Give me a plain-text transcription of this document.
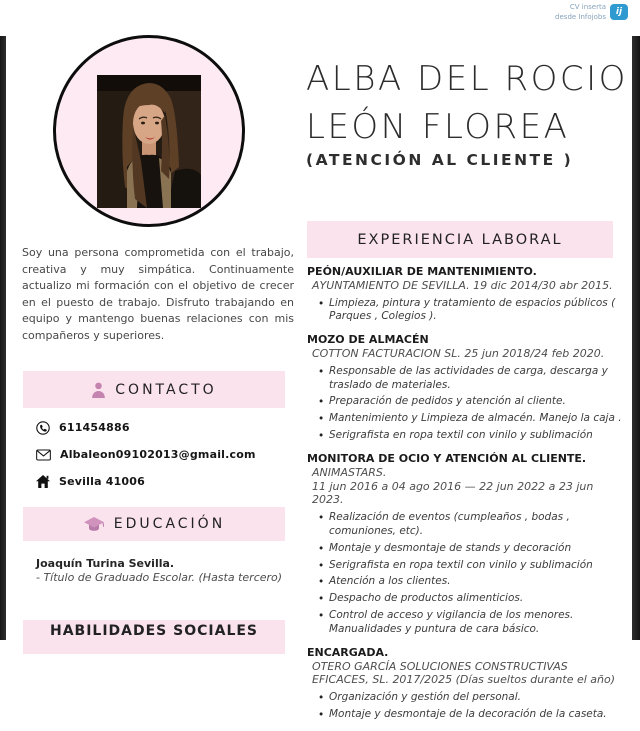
CV inserta
desde Infojobs	ij
Soy una persona comprometida con el trabajo, creativa y muy simpática. Continuamente actualizo mi formación con el objetivo de crecer en el puesto de trabajo. Disfruto trabajando en equipo y mantengo buenas relaciones con mis compañeros y superiores.
CONTACTO
611454886
Albaleon09102013@gmail.com
Sevilla 41006
EDUCACIÓN
Joaquín Turina Sevilla.
- Título de Graduado Escolar. (Hasta tercero)
HABILIDADES SOCIALES
ALBA DEL ROCIO
LEÓN FLOREA
(ATENCIÓN AL CLIENTE )
EXPERIENCIA LABORAL
PEÓN/AUXILIAR DE MANTENIMIENTO.
AYUNTAMIENTO DE SEVILLA. 19 dic 2014/30 abr 2015.
• Limpieza, pintura y tratamiento de espacios públicos ( Parques , Colegios ).
MOZO DE ALMACÉN
COTTON FACTURACION SL. 25 jun 2018/24 feb 2020.
• Responsable de las actividades de carga, descarga y traslado de materiales.
• Preparación de pedidos y atención al cliente.
• Mantenimiento y Limpieza de almacén. Manejo la caja .
• Serigrafista en ropa textil con vinilo y sublimación
MONITORA DE OCIO Y ATENCIÓN AL CLIENTE.
ANIMASTARS.
11 jun 2016 a 04 ago 2016 — 22 jun 2022 a 23 jun 2023.
• Realización de eventos (cumpleaños , bodas , comuniones, etc).
• Montaje y desmontaje de stands y decoración
• Serigrafista en ropa textil con vinilo y sublimación
• Atención a los clientes.
• Despacho de productos alimenticios.
• Control de acceso y vigilancia de los menores. Manualidades y puntura de cara básico.
ENCARGADA.
OTERO GARCÍA SOLUCIONES CONSTRUCTIVAS EFICACES, SL. 2017/2025 (Días sueltos durante el año)
• Organización y gestión del personal.
• Montaje y desmontaje de la decoración de la caseta.
